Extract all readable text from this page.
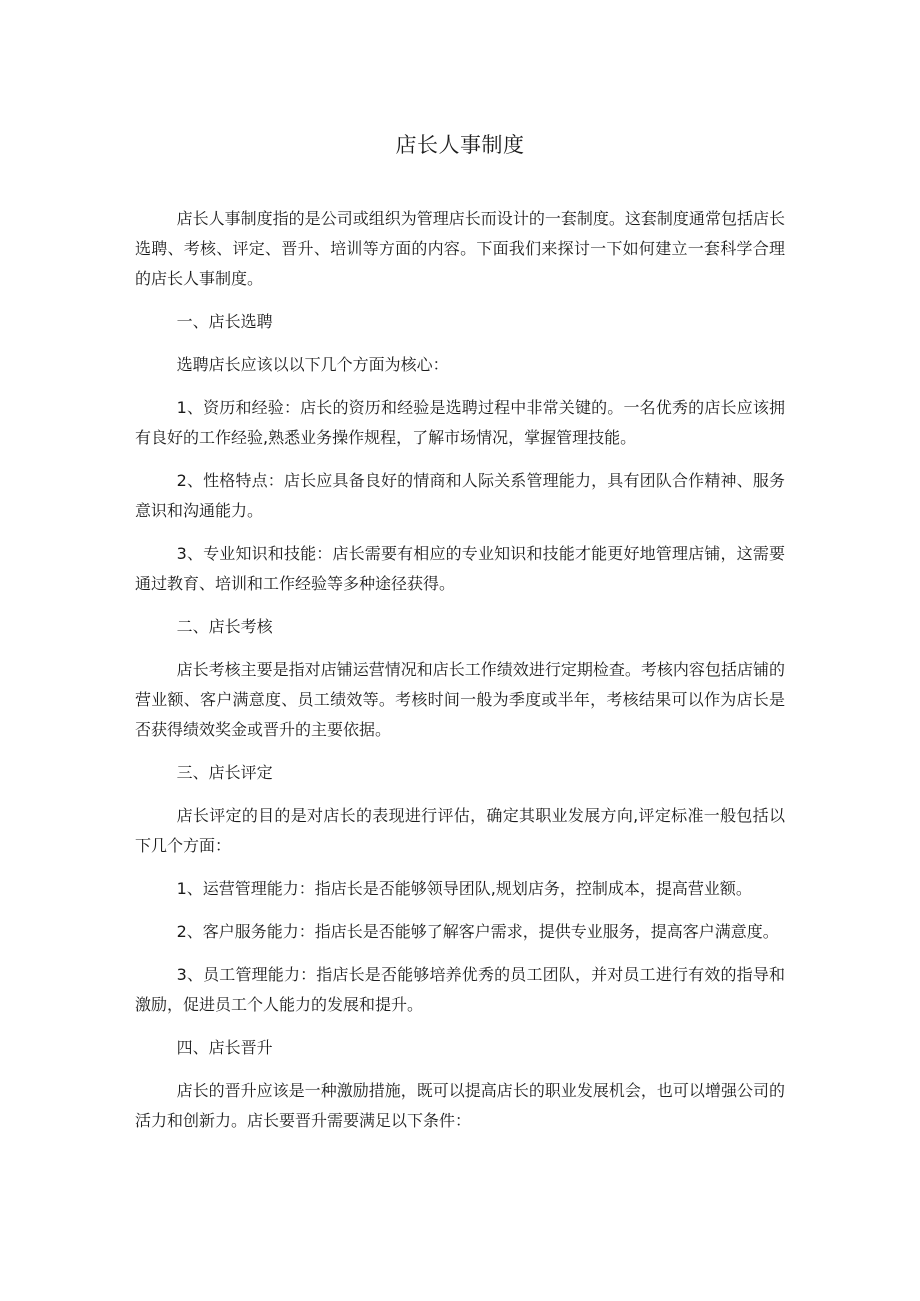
店长人事制度

店长人事制度指的是公司或组织为管理店长而设计的一套制度。这套制度通常包括店长选聘、考核、评定、晋升、培训等方面的内容。下面我们来探讨一下如何建立一套科学合理的店长人事制度。

一、店长选聘

选聘店长应该以以下几个方面为核心：

1、资历和经验：店长的资历和经验是选聘过程中非常关键的。一名优秀的店长应该拥有良好的工作经验,熟悉业务操作规程，了解市场情况，掌握管理技能。

2、性格特点：店长应具备良好的情商和人际关系管理能力，具有团队合作精神、服务意识和沟通能力。

3、专业知识和技能：店长需要有相应的专业知识和技能才能更好地管理店铺，这需要通过教育、培训和工作经验等多种途径获得。

二、店长考核

店长考核主要是指对店铺运营情况和店长工作绩效进行定期检查。考核内容包括店铺的营业额、客户满意度、员工绩效等。考核时间一般为季度或半年，考核结果可以作为店长是否获得绩效奖金或晋升的主要依据。

三、店长评定

店长评定的目的是对店长的表现进行评估，确定其职业发展方向,评定标准一般包括以下几个方面：

1、运营管理能力：指店长是否能够领导团队,规划店务，控制成本，提高营业额。

2、客户服务能力：指店长是否能够了解客户需求，提供专业服务，提高客户满意度。

3、员工管理能力：指店长是否能够培养优秀的员工团队，并对员工进行有效的指导和激励，促进员工个人能力的发展和提升。

四、店长晋升

店长的晋升应该是一种激励措施，既可以提高店长的职业发展机会，也可以增强公司的活力和创新力。店长要晋升需要满足以下条件：
